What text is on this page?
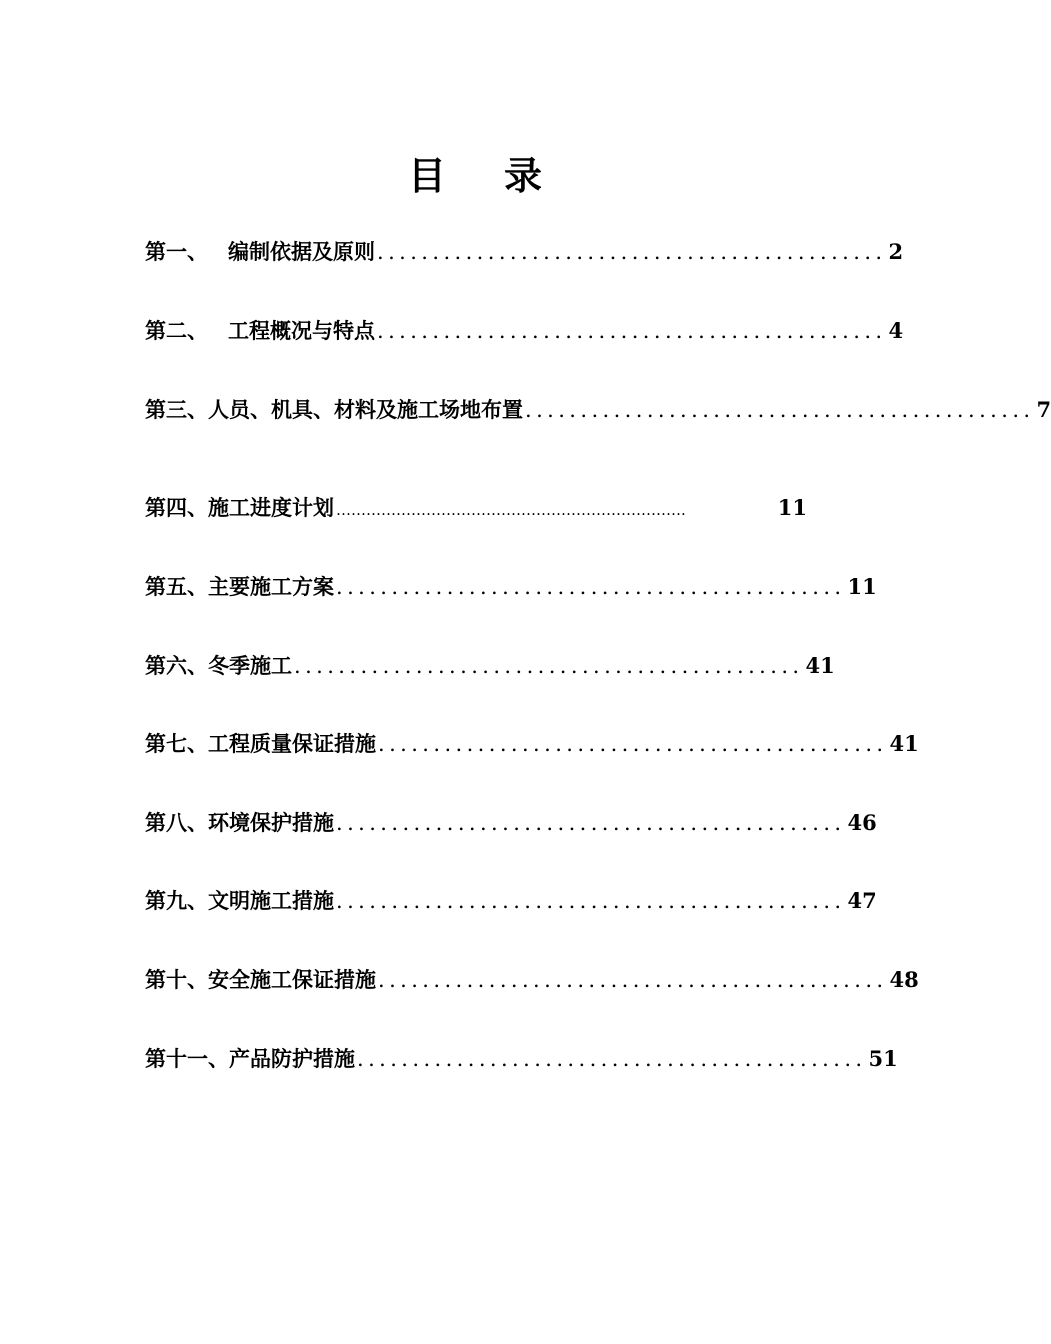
目 录
第一、 编制依据及原则 .............................................. 2
第二、 工程概况与特点 .............................................. 4
第三、人员、机具、材料及施工场地布置 .............................................. 7
第四、施工进度计划 …………………………………………………………….	11
第五、主要施工方案 .............................................. 11
第六、冬季施工 .............................................. 41
第七、工程质量保证措施 .............................................. 41
第八、环境保护措施 .............................................. 46
第九、文明施工措施 .............................................. 47
第十、安全施工保证措施 .............................................. 48
第十一、产品防护措施 .............................................. 51
